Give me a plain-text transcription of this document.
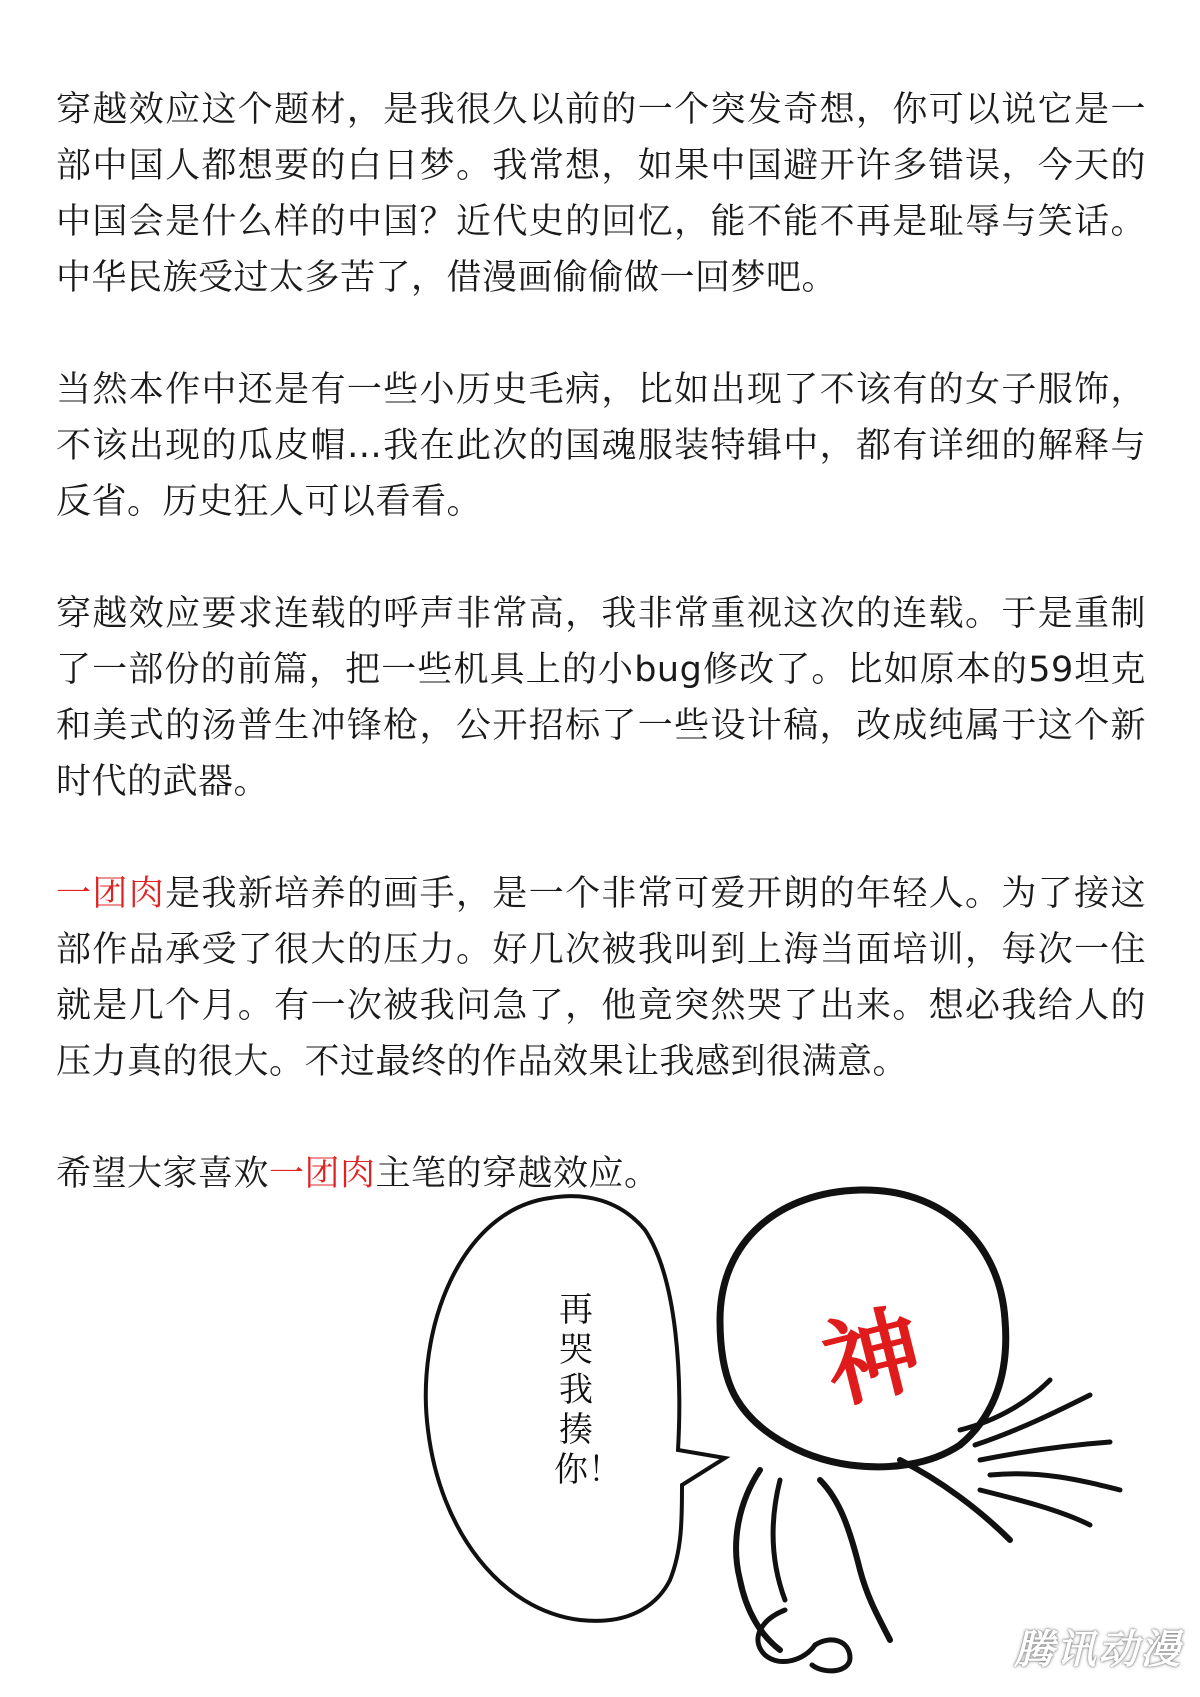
穿越效应这个题材，是我很久以前的一个突发奇想，你可以说它是一部中国人都想要的白日梦。我常想，如果中国避开许多错误，今天的中国会是什么样的中国？近代史的回忆，能不能不再是耻辱与笑话。中华民族受过太多苦了，借漫画偷偷做一回梦吧。

当然本作中还是有一些小历史毛病，比如出现了不该有的女子服饰，不该出现的瓜皮帽…我在此次的国魂服装特辑中，都有详细的解释与反省。历史狂人可以看看。

穿越效应要求连载的呼声非常高，我非常重视这次的连载。于是重制了一部份的前篇，把一些机具上的小bug修改了。比如原本的59坦克和美式的汤普生冲锋枪，公开招标了一些设计稿，改成纯属于这个新时代的武器。

一团肉是我新培养的画手，是一个非常可爱开朗的年轻人。为了接这部作品承受了很大的压力。好几次被我叫到上海当面培训，每次一住就是几个月。有一次被我问急了，他竟突然哭了出来。想必我给人的压力真的很大。不过最终的作品效果让我感到很满意。

希望大家喜欢一团肉主笔的穿越效应。

再哭我揍你！
神
腾讯动漫
